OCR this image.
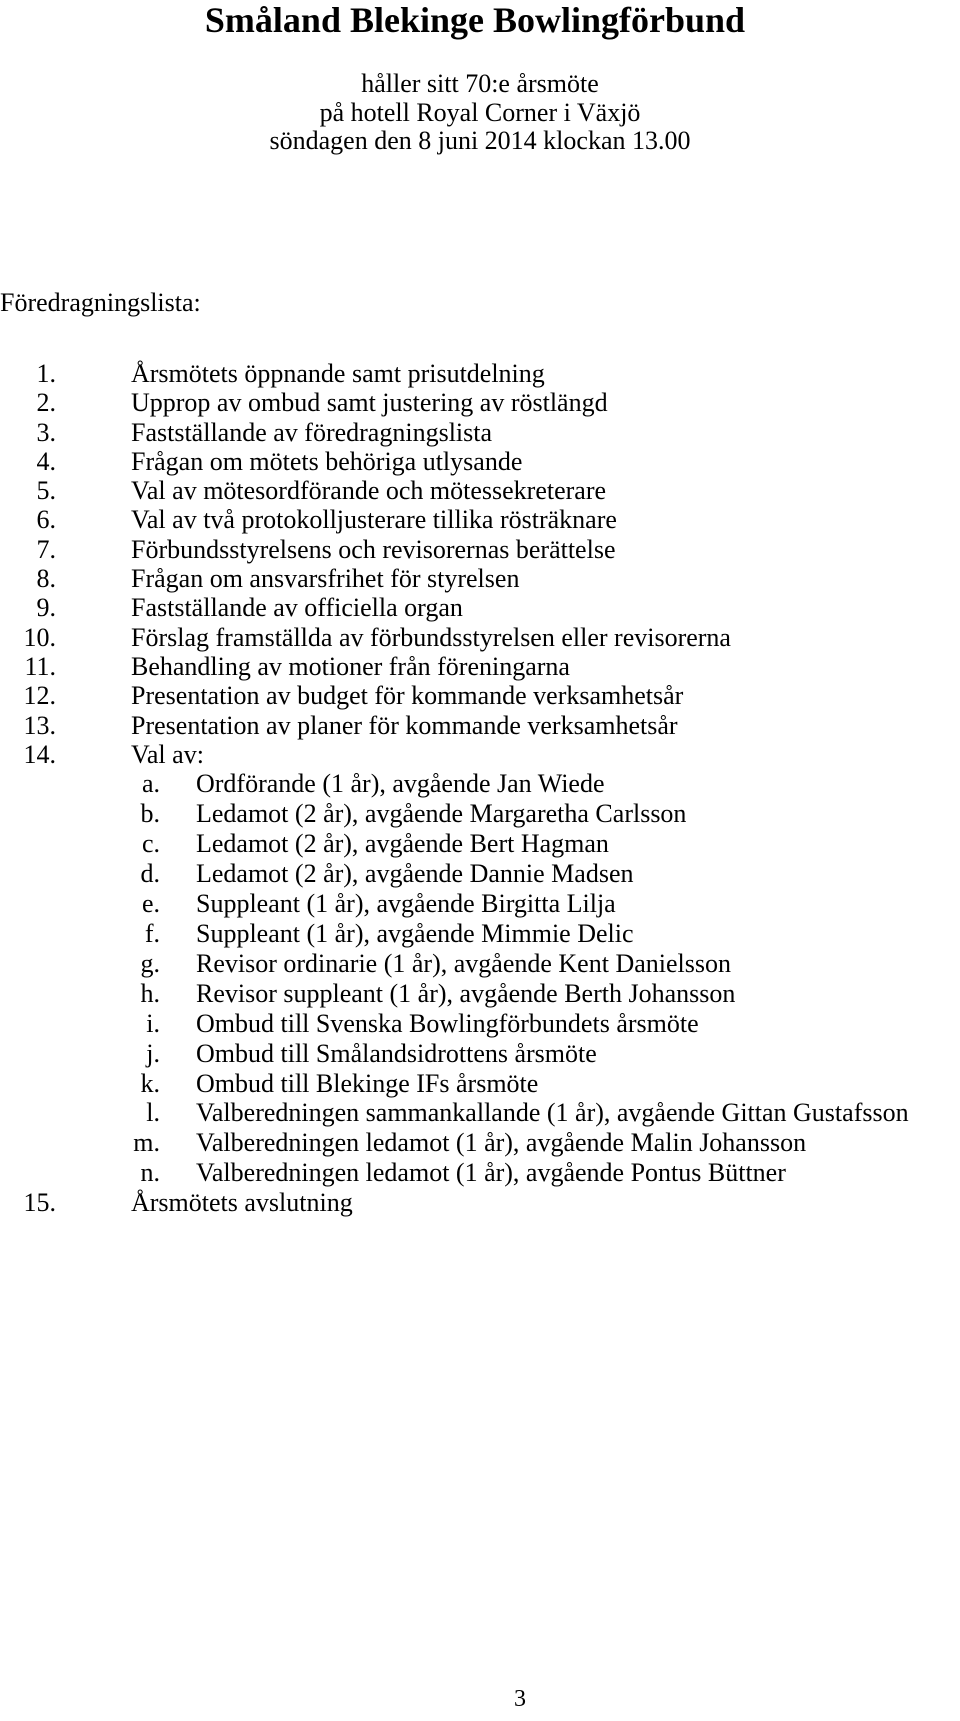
Småland Blekinge Bowlingförbund
håller sitt 70:e årsmöte
på hotell Royal Corner i Växjö
söndagen den 8 juni 2014 klockan 13.00
Föredragningslista:
1.	Årsmötets öppnande samt prisutdelning
2.	Upprop av ombud samt justering av röstlängd
3.	Fastställande av föredragningslista
4.	Frågan om mötets behöriga utlysande
5.	Val av mötesordförande och mötessekreterare
6.	Val av två protokolljusterare tillika rösträknare
7.	Förbundsstyrelsens och revisorernas berättelse
8.	Frågan om ansvarsfrihet för styrelsen
9.	Fastställande av officiella organ
10.	Förslag framställda av förbundsstyrelsen eller revisorerna
11.	Behandling av motioner från föreningarna
12.	Presentation av budget för kommande verksamhetsår
13.	Presentation av planer för kommande verksamhetsår
14.	Val av:
a. Ordförande (1 år), avgående Jan Wiede
b. Ledamot (2 år), avgående Margaretha Carlsson
c. Ledamot (2 år), avgående Bert Hagman
d. Ledamot (2 år), avgående Dannie Madsen
e. Suppleant (1 år), avgående Birgitta Lilja
f. Suppleant (1 år), avgående Mimmie Delic
g. Revisor ordinarie (1 år), avgående Kent Danielsson
h. Revisor suppleant (1 år), avgående Berth Johansson
i. Ombud till Svenska Bowlingförbundets årsmöte
j. Ombud till Smålandsidrottens årsmöte
k. Ombud till Blekinge IFs årsmöte
l. Valberedningen sammankallande (1 år), avgående Gittan Gustafsson
m. Valberedningen ledamot (1 år), avgående Malin Johansson
n. Valberedningen ledamot (1 år), avgående Pontus Büttner
15.	Årsmötets avslutning
3
